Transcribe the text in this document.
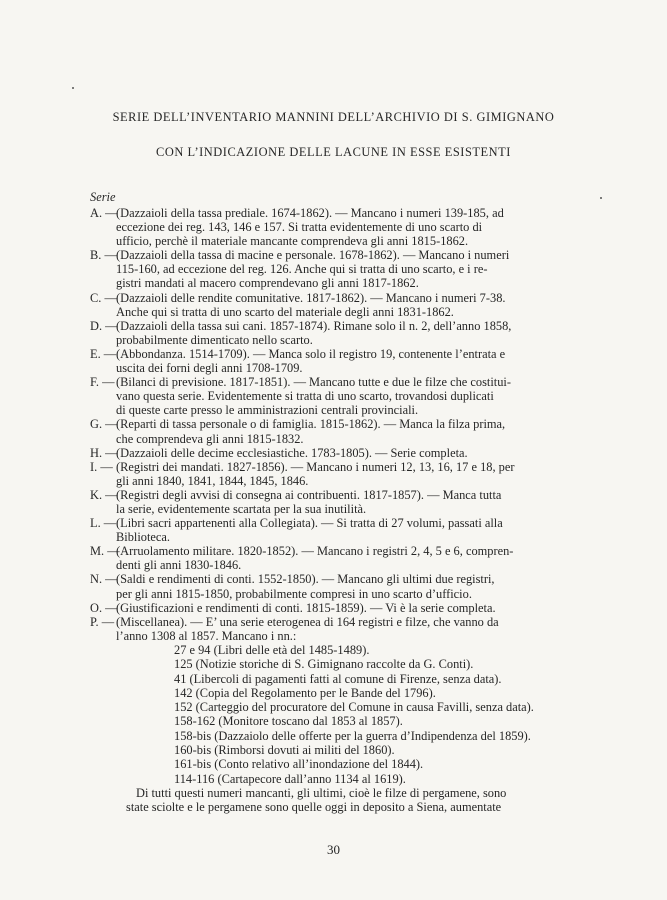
SERIE DELL’INVENTARIO MANNINI DELL’ARCHIVIO DI S. GIMIGNANO
CON L’INDICAZIONE DELLE LACUNE IN ESSE ESISTENTI
Serie
A. —
(Dazzaioli della tassa prediale. 1674-1862). — Mancano i numeri 139-185, ad
eccezione dei reg. 143, 146 e 157. Si tratta evidentemente di uno scarto di
ufficio, perchè il materiale mancante comprendeva gli anni 1815-1862.
B. — (Dazzaioli della tassa di macine e personale. 1678-1862). — Mancano i numeri
115-160, ad eccezione del reg. 126. Anche qui si tratta di uno scarto, e i re-
gistri mandati al macero comprendevano gli anni 1817-1862.
C. — (Dazzaioli delle rendite comunitative. 1817-1862). — Mancano i numeri 7-38.
Anche qui si tratta di uno scarto del materiale degli anni 1831-1862.
D. —
(Dazzaioli della tassa sui cani. 1857-1874). Rimane solo il n. 2, dell’anno 1858,
probabilmente dimenticato nello scarto.
E. — (Abbondanza. 1514-1709). — Manca solo il registro 19, contenente l’entrata e
uscita dei forni degli anni 1708-1709.
F. — (Bilanci di previsione. 1817-1851). — Mancano tutte e due le filze che costitui-
vano questa serie. Evidentemente si tratta di uno scarto, trovandosi duplicati
di queste carte presso le amministrazioni centrali provinciali.
G. —
(Reparti di tassa personale o di famiglia. 1815-1862). — Manca la filza prima,
che comprendeva gli anni 1815-1832.
H. —
(Dazzaioli delle decime ecclesiastiche. 1783-1805). — Serie completa.
I. — (Registri dei mandati. 1827-1856). — Mancano i numeri 12, 13, 16, 17 e 18, per
gli anni 1840, 1841, 1844, 1845, 1846.
K. —
(Registri degli avvisi di consegna ai contribuenti. 1817-1857). — Manca tutta
la serie, evidentemente scartata per la sua inutilità.
L. — (Libri sacri appartenenti alla Collegiata). — Si tratta di 27 volumi, passati alla
Biblioteca.
M. —
(Arruolamento militare. 1820-1852). — Mancano i registri 2, 4, 5 e 6, compren-
denti gli anni 1830-1846.
N. —
(Saldi e rendimenti di conti. 1552-1850). — Mancano gli ultimi due registri,
per gli anni 1815-1850, probabilmente compresi in uno scarto d’ufficio.
O. —
(Giustificazioni e rendimenti di conti. 1815-1859). — Vi è la serie completa.
P. — (Miscellanea). — E’ una serie eterogenea di 164 registri e filze, che vanno da
l’anno 1308 al 1857. Mancano i nn.:
27 e 94 (Libri delle età del 1485-1489).
125 (Notizie storiche di S. Gimignano raccolte da G. Conti).
41 (Libercoli di pagamenti fatti al comune di Firenze, senza data).
142 (Copia del Regolamento per le Bande del 1796).
152 (Carteggio del procuratore del Comune in causa Favilli, senza data).
158-162 (Monitore toscano dal 1853 al 1857).
158-bis (Dazzaiolo delle offerte per la guerra d’Indipendenza del 1859).
160-bis (Rimborsi dovuti ai militi del 1860).
161-bis (Conto relativo all’inondazione del 1844).
114-116 (Cartapecore dall’anno 1134 al 1619).
Di tutti questi numeri mancanti, gli ultimi, cioè le filze di pergamene, sono
state sciolte e le pergamene sono quelle oggi in deposito a Siena, aumentate
30
